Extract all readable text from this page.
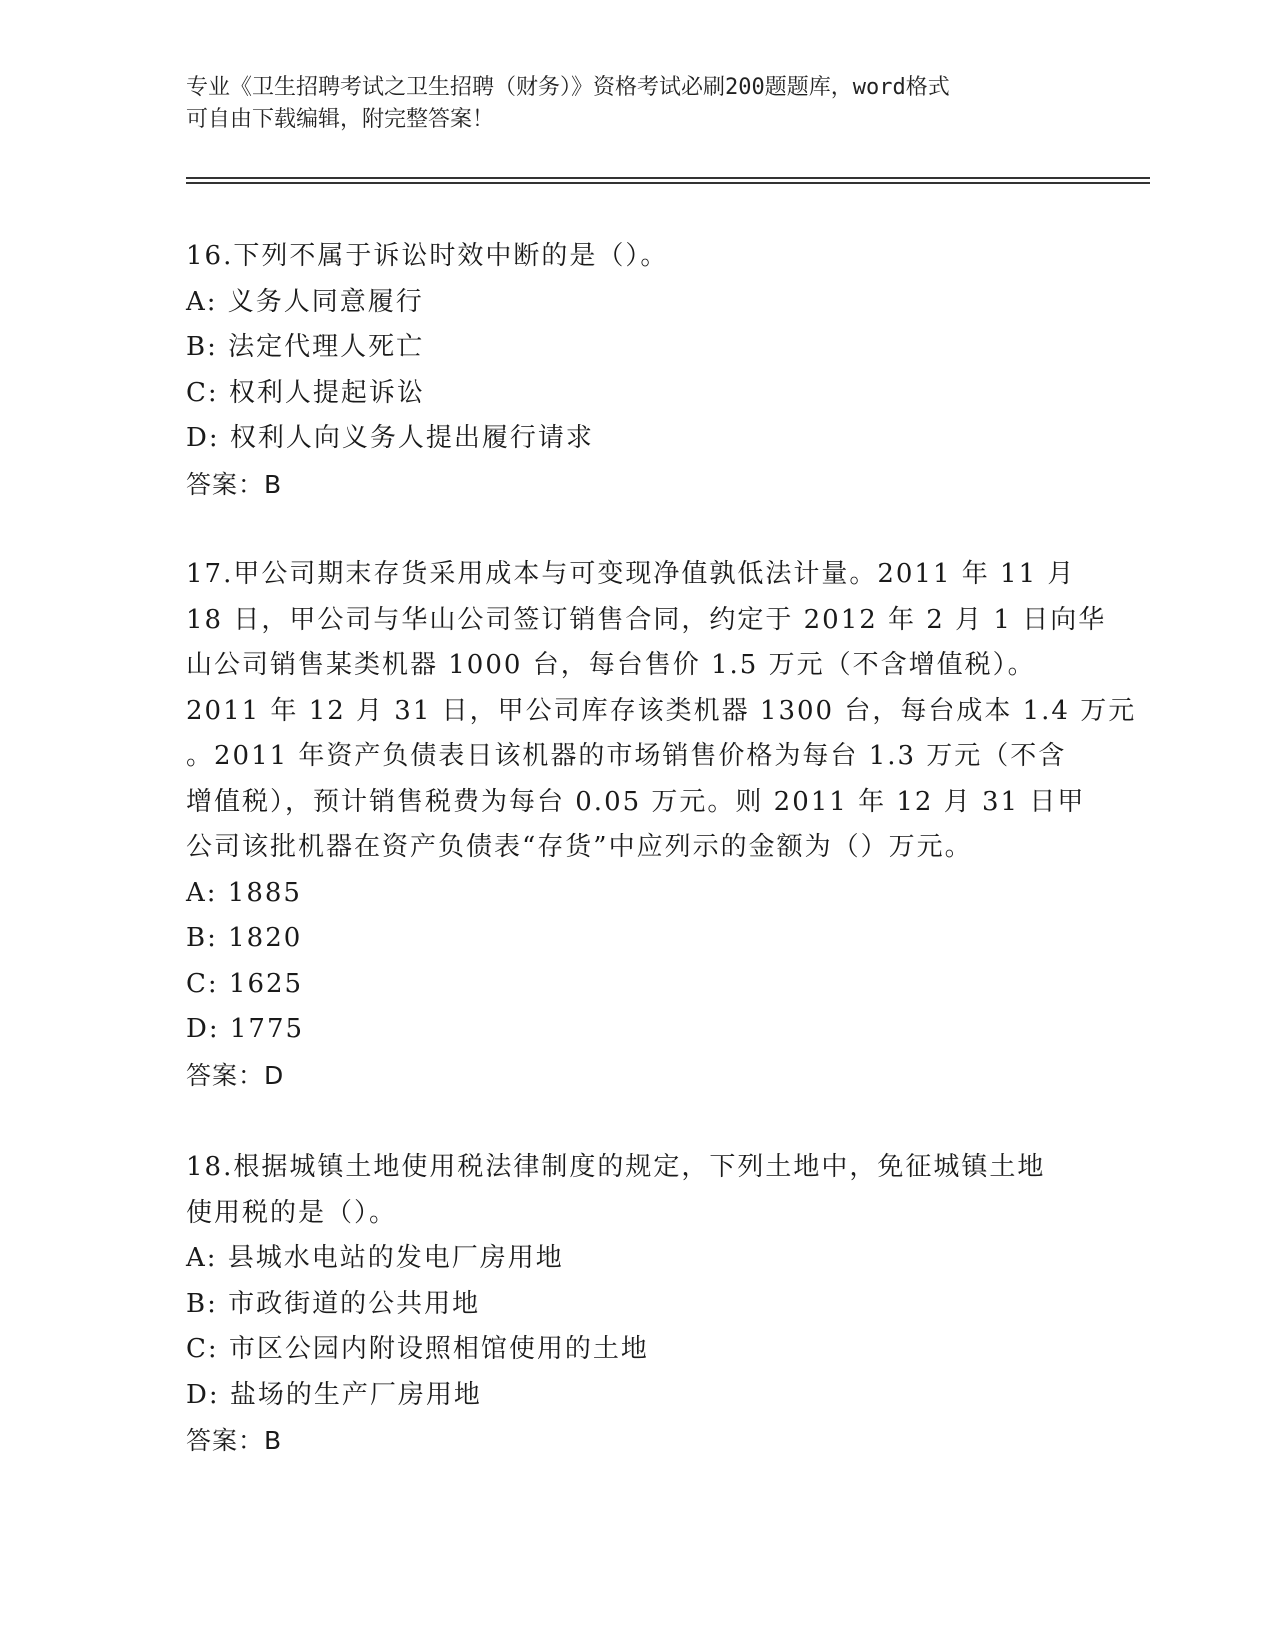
专业《卫生招聘考试之卫生招聘（财务）》资格考试必刷200题题库，word格式
可自由下载编辑，附完整答案！
16.下列不属于诉讼时效中断的是（）。
A: 义务人同意履行
B: 法定代理人死亡
C: 权利人提起诉讼
D: 权利人向义务人提出履行请求
答案：B
17.甲公司期末存货采用成本与可变现净值孰低法计量。2011 年 11 月
18 日，甲公司与华山公司签订销售合同，约定于 2012 年 2 月 1 日向华
山公司销售某类机器 1000 台，每台售价 1.5 万元（不含增值税）。
2011 年 12 月 31 日，甲公司库存该类机器 1300 台，每台成本 1.4 万元
。2011 年资产负债表日该机器的市场销售价格为每台 1.3 万元（不含
增值税），预计销售税费为每台 0.05 万元。则 2011 年 12 月 31 日甲
公司该批机器在资产负债表“存货”中应列示的金额为（）万元。
A: 1885
B: 1820
C: 1625
D: 1775
答案：D
18.根据城镇土地使用税法律制度的规定，下列土地中，免征城镇土地
使用税的是（）。
A: 县城水电站的发电厂房用地
B: 市政街道的公共用地
C: 市区公园内附设照相馆使用的土地
D: 盐场的生产厂房用地
答案：B
